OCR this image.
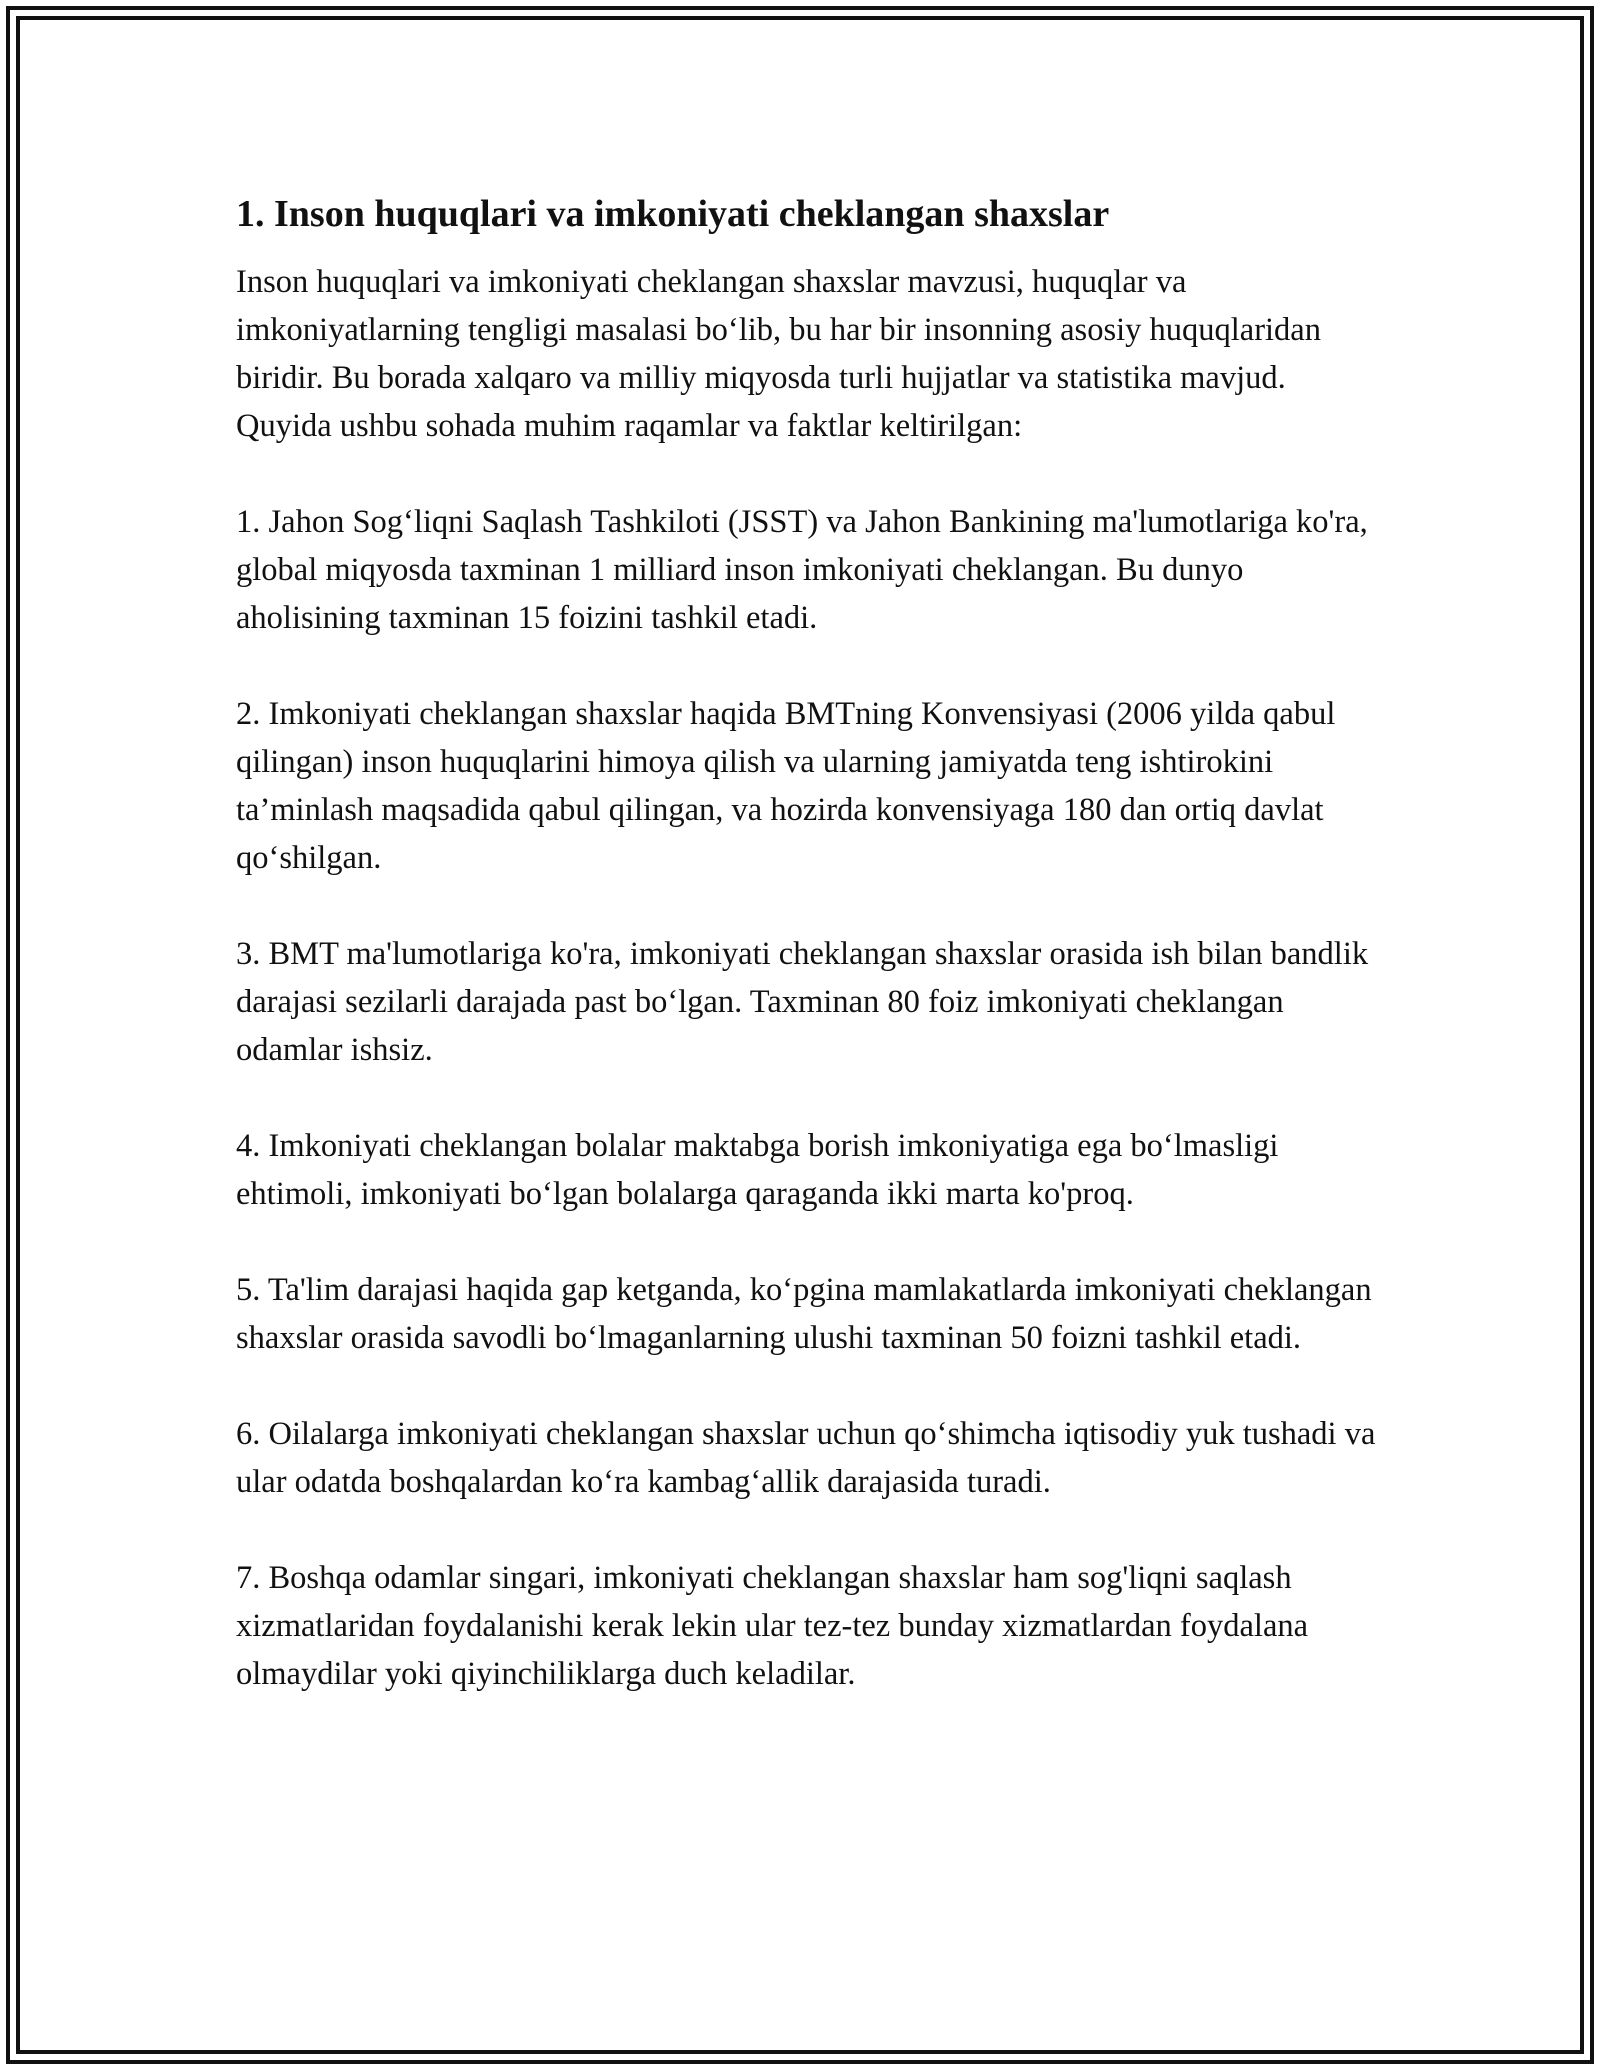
1. Inson huquqlari va imkoniyati cheklangan shaxslar

Inson huquqlari va imkoniyati cheklangan shaxslar mavzusi, huquqlar va imkoniyatlarning tengligi masalasi bo‘lib, bu har bir insonning asosiy huquqlaridan biridir. Bu borada xalqaro va milliy miqyosda turli hujjatlar va statistika mavjud. Quyida ushbu sohada muhim raqamlar va faktlar keltirilgan:

1. Jahon Sog‘liqni Saqlash Tashkiloti (JSST) va Jahon Bankining ma'lumotlariga ko'ra, global miqyosda taxminan 1 milliard inson imkoniyati cheklangan. Bu dunyo aholisining taxminan 15 foizini tashkil etadi.

2. Imkoniyati cheklangan shaxslar haqida BMTning Konvensiyasi (2006 yilda qabul qilingan) inson huquqlarini himoya qilish va ularning jamiyatda teng ishtirokini ta’minlash maqsadida qabul qilingan, va hozirda konvensiyaga 180 dan ortiq davlat qo‘shilgan.

3. BMT ma'lumotlariga ko'ra, imkoniyati cheklangan shaxslar orasida ish bilan bandlik darajasi sezilarli darajada past bo‘lgan. Taxminan 80 foiz imkoniyati cheklangan odamlar ishsiz.

4. Imkoniyati cheklangan bolalar maktabga borish imkoniyatiga ega bo‘lmasligi ehtimoli, imkoniyati bo‘lgan bolalarga qaraganda ikki marta ko'proq.

5. Ta'lim darajasi haqida gap ketganda, ko‘pgina mamlakatlarda imkoniyati cheklangan shaxslar orasida savodli bo‘lmaganlarning ulushi taxminan 50 foizni tashkil etadi.

6. Oilalarga imkoniyati cheklangan shaxslar uchun qo‘shimcha iqtisodiy yuk tushadi va ular odatda boshqalardan ko‘ra kambag‘allik darajasida turadi.

7. Boshqa odamlar singari, imkoniyati cheklangan shaxslar ham sog'liqni saqlash xizmatlaridan foydalanishi kerak lekin ular tez-tez bunday xizmatlardan foydalana olmaydilar yoki qiyinchiliklarga duch keladilar.
